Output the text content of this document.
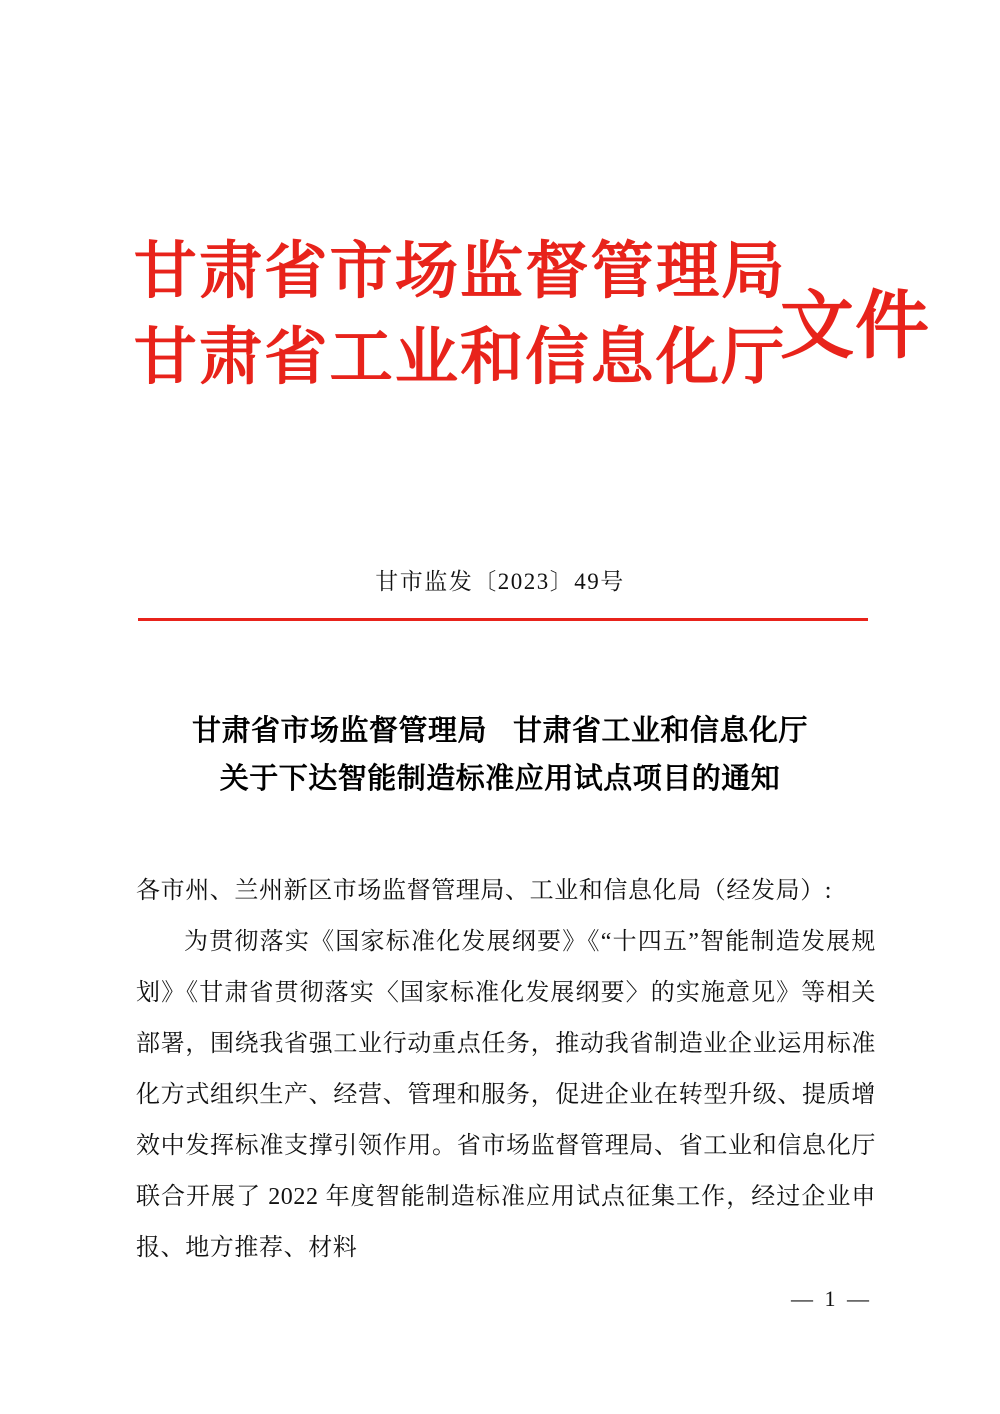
甘肃省市场监督管理局
甘肃省工业和信息化厅
文件
甘市监发〔2023〕49号
甘肃省市场监督管理局 甘肃省工业和信息化厅
关于下达智能制造标准应用试点项目的通知

各市州、兰州新区市场监督管理局、工业和信息化局（经发局）:

为贯彻落实《国家标准化发展纲要》《“十四五”智能制造发展规划》《甘肃省贯彻落实〈国家标准化发展纲要〉的实施意见》等相关部署，围绕我省强工业行动重点任务，推动我省制造业企业运用标准化方式组织生产、经营、管理和服务，促进企业在转型升级、提质增效中发挥标准支撑引领作用。省市场监督管理局、省工业和信息化厅联合开展了 2022 年度智能制造标准应用试点征集工作，经过企业申报、地方推荐、材料

— 1 —
